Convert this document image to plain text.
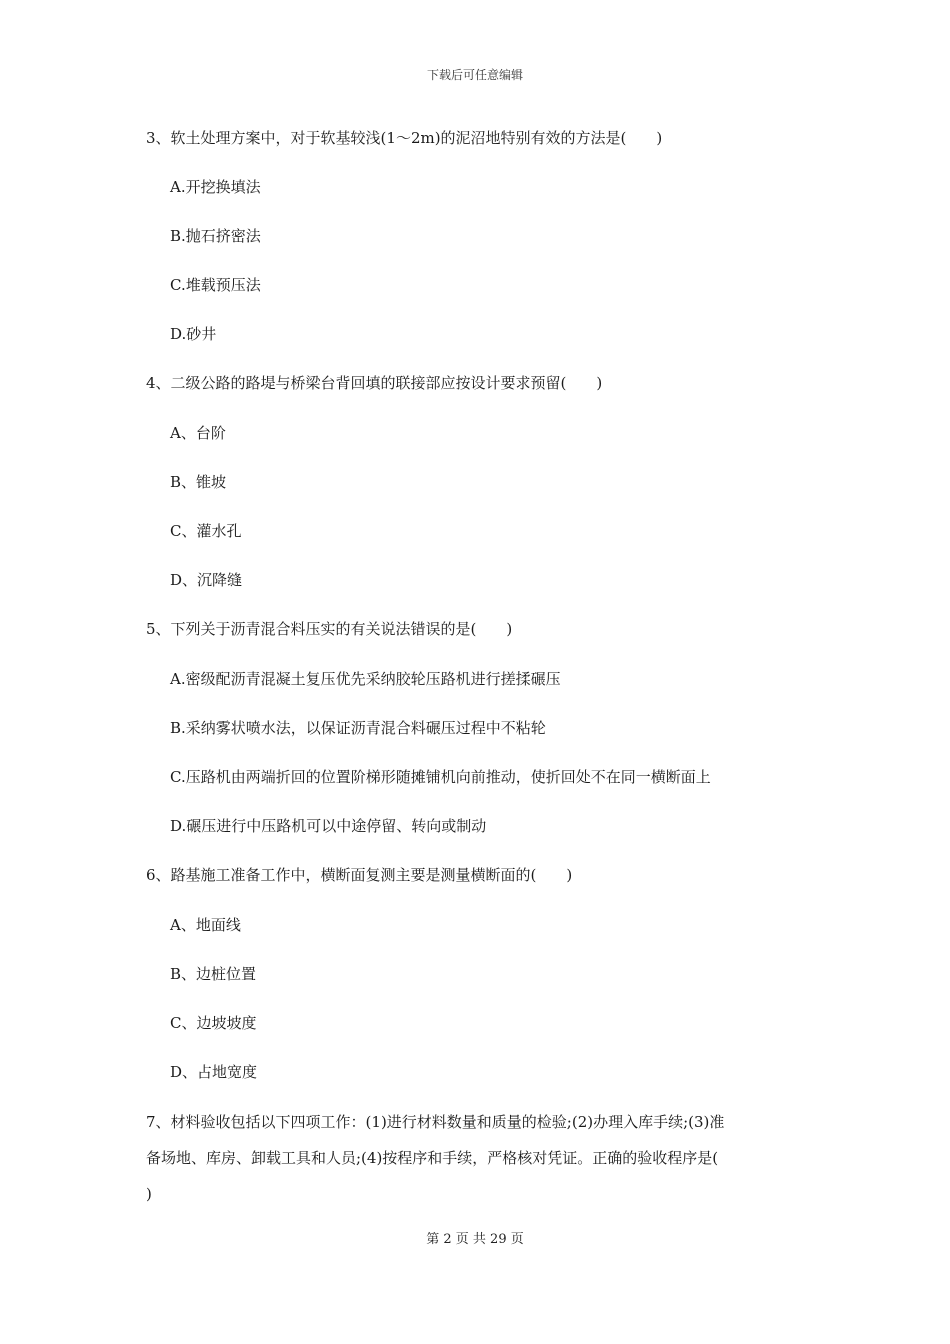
下载后可任意编辑
3、软土处理方案中，对于软基较浅(1～2m)的泥沼地特别有效的方法是(　　)
A.开挖换填法
B.抛石挤密法
C.堆载预压法
D.砂井
4、二级公路的路堤与桥梁台背回填的联接部应按设计要求预留(　　)
A、台阶
B、锥坡
C、灌水孔
D、沉降缝
5、下列关于沥青混合料压实的有关说法错误的是(　　)
A.密级配沥青混凝土复压优先采纳胶轮压路机进行搓揉碾压
B.采纳雾状喷水法，以保证沥青混合料碾压过程中不粘轮
C.压路机由两端折回的位置阶梯形随摊铺机向前推动，使折回处不在同一横断面上
D.碾压进行中压路机可以中途停留、转向或制动
6、路基施工准备工作中，横断面复测主要是测量横断面的(　　)
A、地面线
B、边桩位置
C、边坡坡度
D、占地宽度
7、材料验收包括以下四项工作：(1)进行材料数量和质量的检验;(2)办理入库手续;(3)准
备场地、库房、卸载工具和人员;(4)按程序和手续，严格核对凭证。正确的验收程序是(
)
第 2 页 共 29 页
